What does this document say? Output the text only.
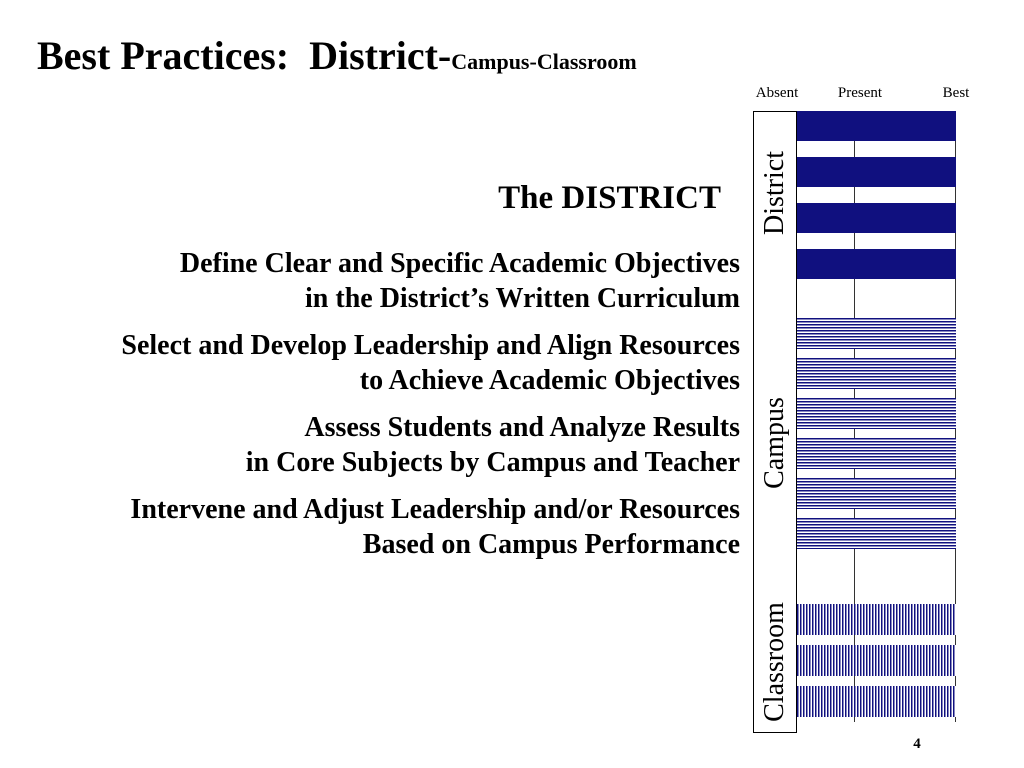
Best Practices:  District-Campus-Classroom
The DISTRICT
Define Clear and Specific Academic Objectives
in the District’s Written Curriculum
Select and Develop Leadership and Align Resources
to Achieve Academic Objectives
Assess Students and Analyze Results
in Core Subjects by Campus and Teacher
Intervene and Adjust Leadership and/or Resources
Based on Campus Performance
Absent	Present	Best
District
Campus
Classroom
4
